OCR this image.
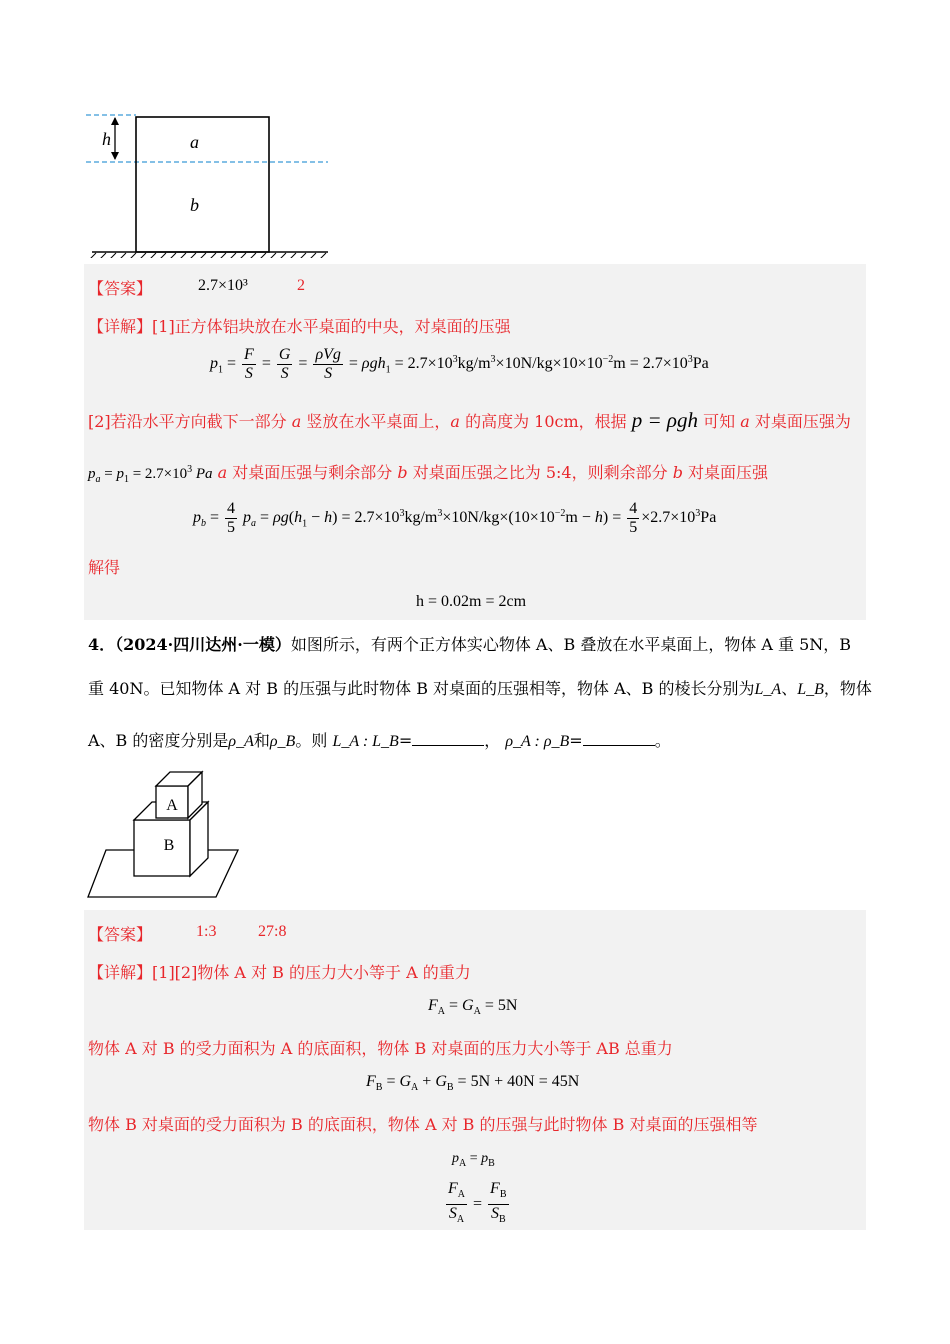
h	a
b
【答案】	2.7×10³	2
【详解】[1]正方体铝块放在水平桌面的中央，对桌面的压强
$p_1 = \frac{F}{S} = \frac{G}{S} = \frac{\text{ρVg}}{S} = \rho gh_1 = 2.7\times 10^3kg/m^3\times 10N/kg\times 10\times 10^{-2}m = 2.7\times 10^3Pa$
[2]若沿水平方向截下一部分 a 竖放在水平桌面上，a 的高度为 10cm，根据 p = ρgh 可知 a 对桌面压强为
$p_a = p_1 = 2.7\times 10^3$ Pa a 对桌面压强与剩余部分 b 对桌面压强之比为 5:4，则剩余部分 b 对桌面压强
$p_b = \frac{4}{5} p_a = \rho g(h_1 - h) = 2.7\times 10^3kg/m^3\times 10N/kg\times(10\times 10^{-2}m - h) = \frac{4}{5} \times 2.7\times 10^3Pa$
解得
h = 0.02m = 2cm
4．（2024·四川达州·一模）如图所示，有两个正方体实心物体 A、B 叠放在水平桌面上，物体 A 重 5N，B
重 40N。已知物体 A 对 B 的压强与此时物体 B 对桌面的压强相等，物体 A、B 的棱长分别为L_A、L_B，物体
A、B 的密度分别是ρ_A和ρ_B。则 L_A : L_B=	， ρ_A : ρ_B=	。
A
B
【答案】	1:3	27:8
【详解】[1][2]物体 A 对 B 的压力大小等于 A 的重力
$F_A = G_A = 5N$
物体 A 对 B 的受力面积为 A 的底面积，物体 B 对桌面的压力大小等于 AB 总重力
$F_B = G_A + G_B = 5N + 40N = 45N$
物体 B 对桌面的受力面积为 B 的底面积，物体 A 对 B 的压强与此时物体 B 对桌面的压强相等
$p_A = p_B$
$\frac{F_A}{S_A} = \frac{F_B}{S_B}$
